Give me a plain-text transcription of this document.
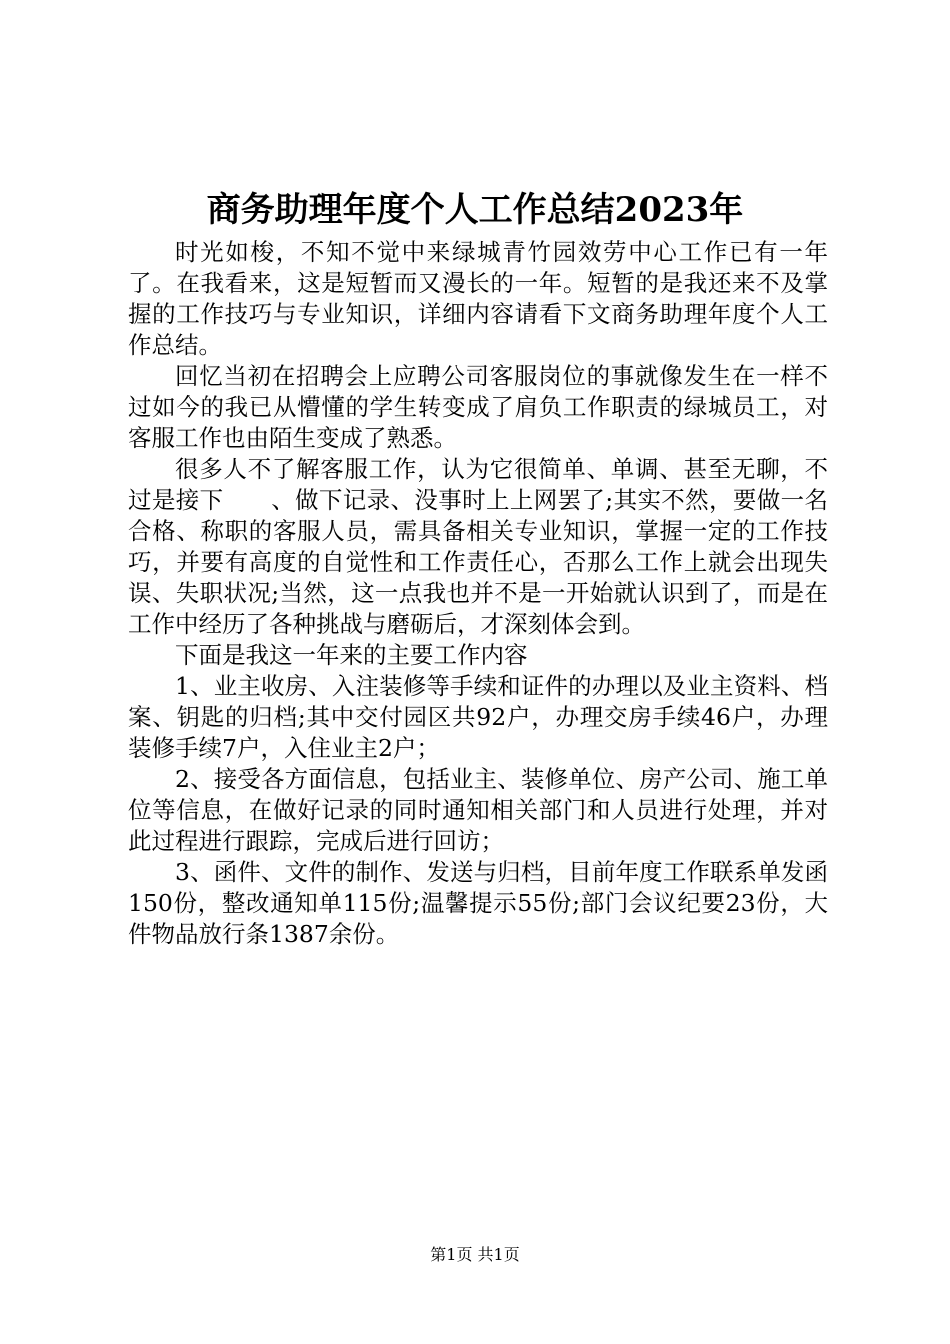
商务助理年度个人工作总结2023年

时光如梭，不知不觉中来绿城青竹园效劳中心工作已有一年了。在我看来，这是短暂而又漫长的一年。短暂的是我还来不及掌握的工作技巧与专业知识，详细内容请看下文商务助理年度个人工作总结。

回忆当初在招聘会上应聘公司客服岗位的事就像发生在一样不过如今的我已从懵懂的学生转变成了肩负工作职责的绿城员工，对客服工作也由陌生变成了熟悉。

很多人不了解客服工作，认为它很简单、单调、甚至无聊，不过是接下　　、做下记录、没事时上上网罢了;其实不然，要做一名合格、称职的客服人员，需具备相关专业知识，掌握一定的工作技巧，并要有高度的自觉性和工作责任心，否那么工作上就会出现失误、失职状况;当然，这一点我也并不是一开始就认识到了，而是在工作中经历了各种挑战与磨砺后，才深刻体会到。

下面是我这一年来的主要工作内容

1、业主收房、入注装修等手续和证件的办理以及业主资料、档案、钥匙的归档;其中交付园区共92户，办理交房手续46户，办理装修手续7户，入住业主2户；

2、接受各方面信息，包括业主、装修单位、房产公司、施工单位等信息，在做好记录的同时通知相关部门和人员进行处理，并对此过程进行跟踪，完成后进行回访；

3、函件、文件的制作、发送与归档，目前年度工作联系单发函150份，整改通知单115份;温馨提示55份;部门会议纪要23份，大件物品放行条1387余份。

第1页 共1页
